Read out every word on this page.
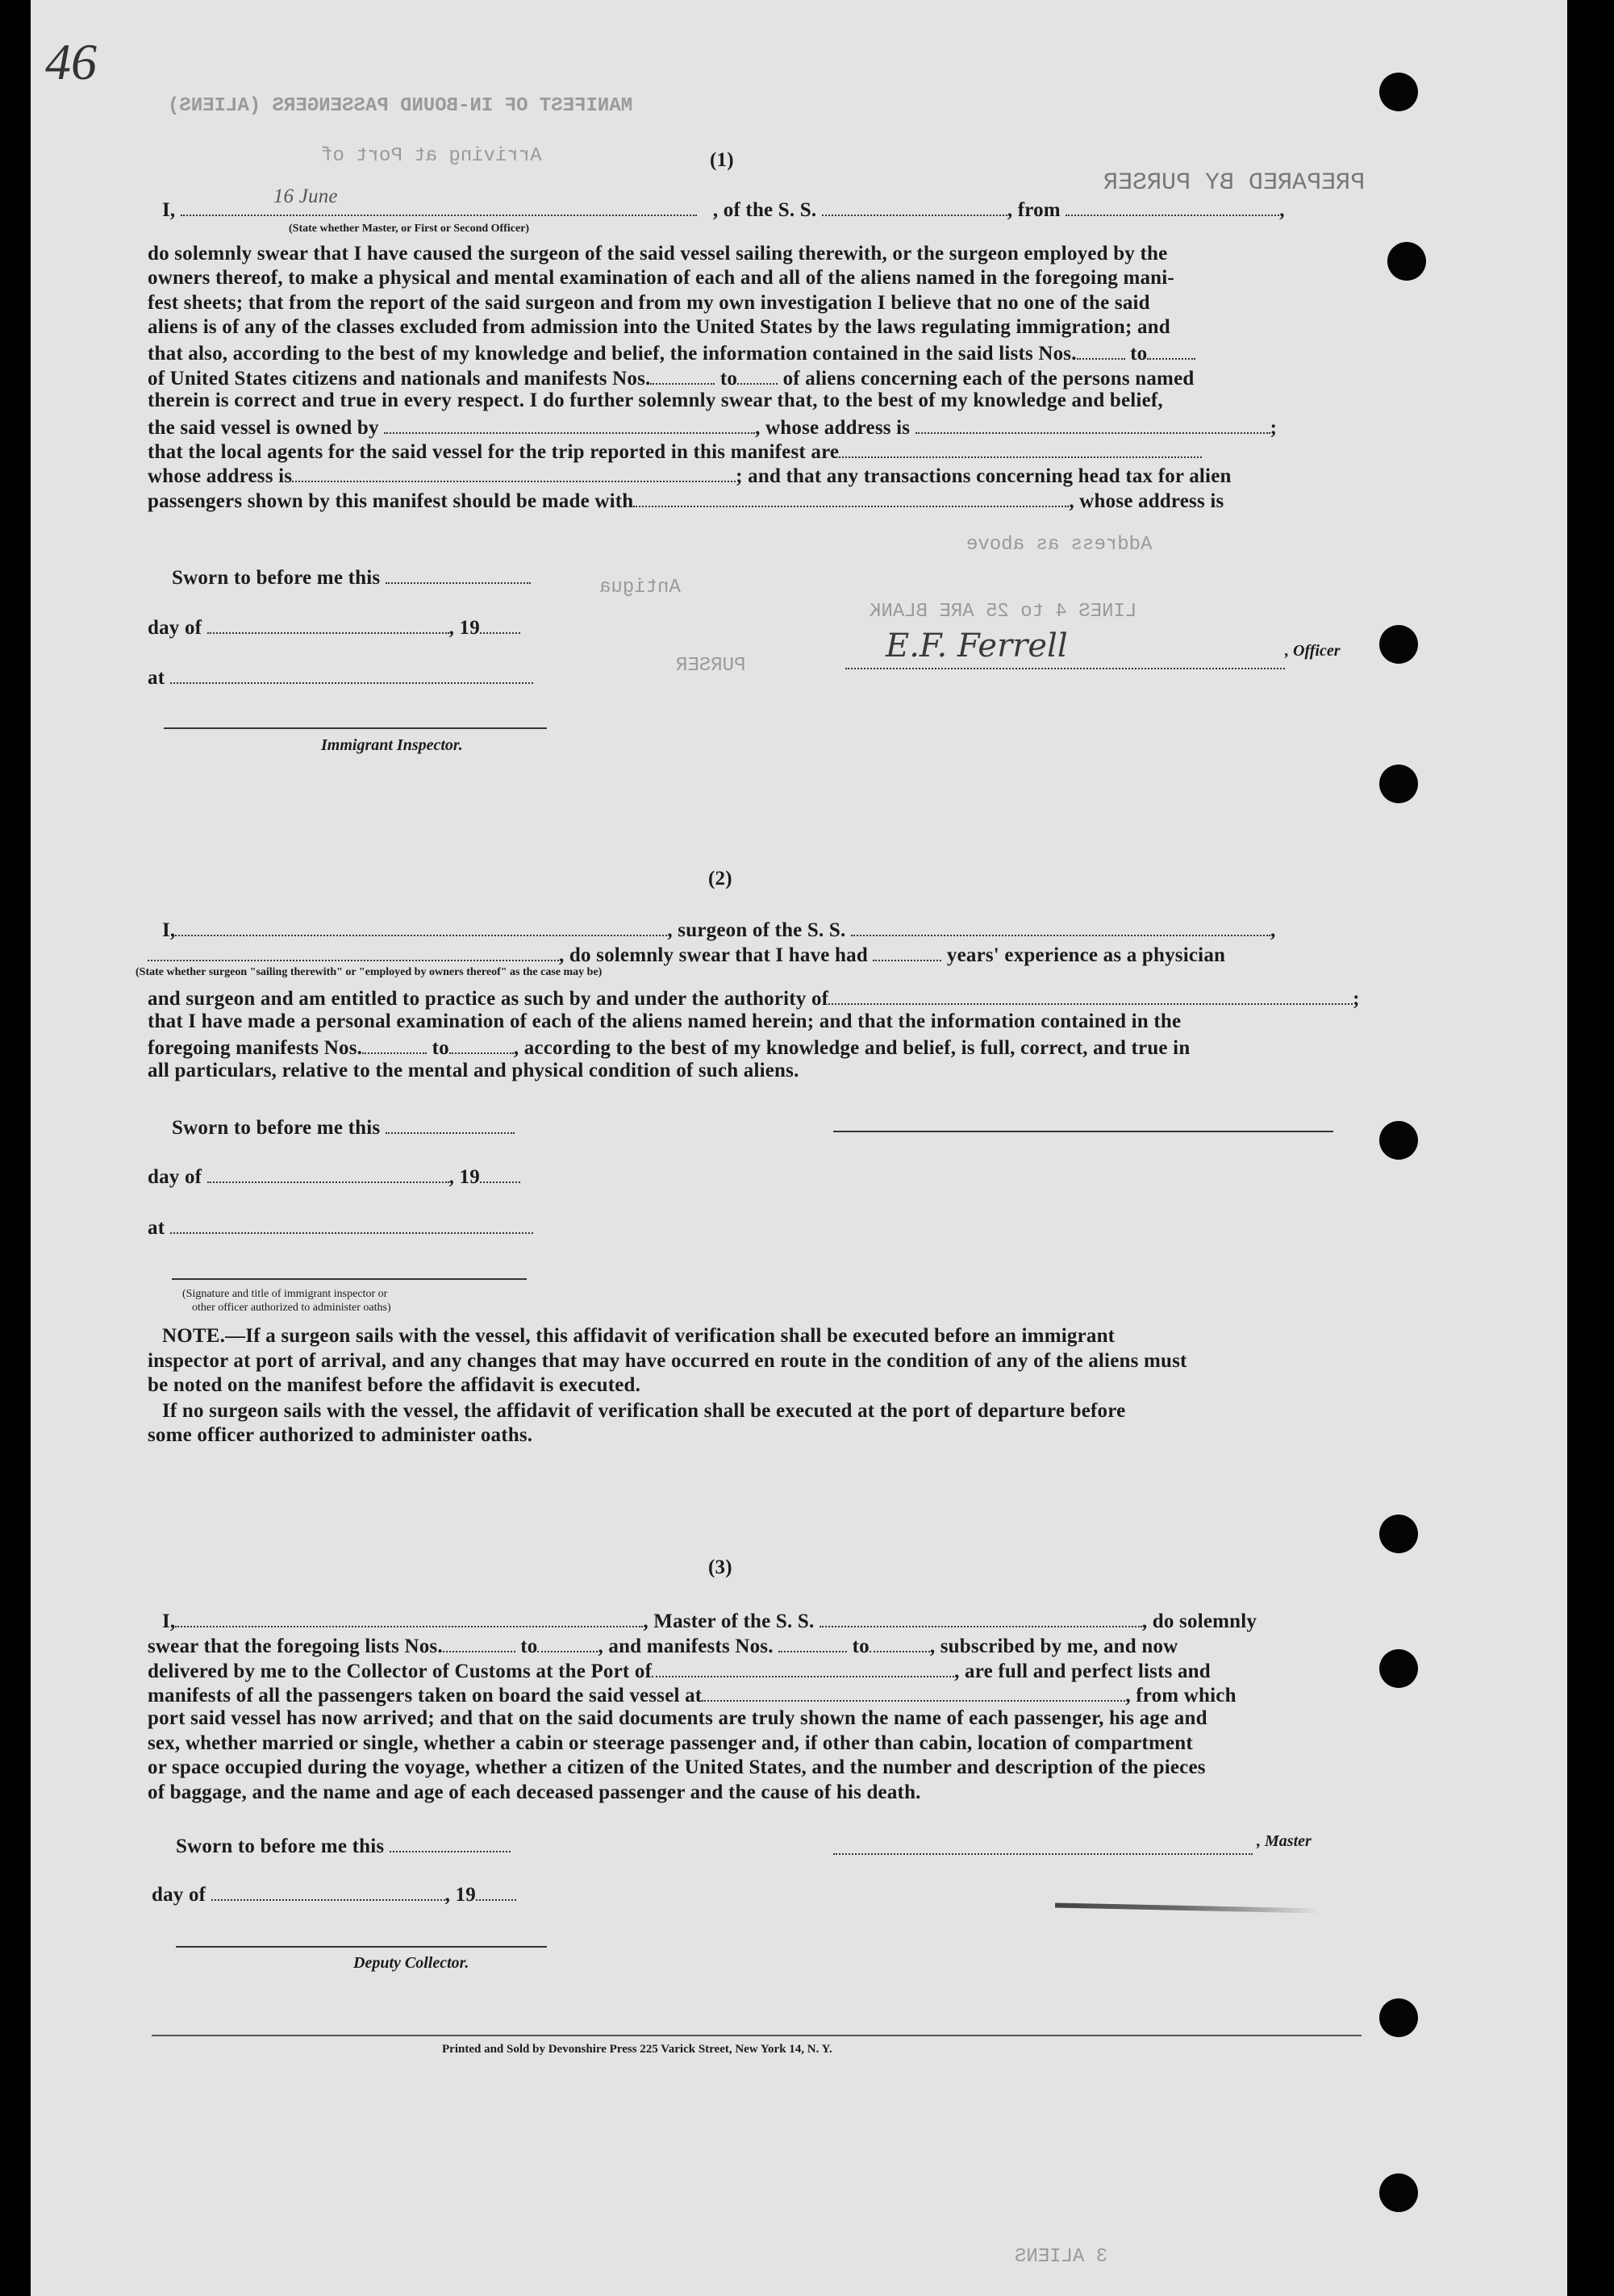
46
MANIFEST OF IN-BOUND PASSENGERS (ALIENS)
Arriving at Port of
PREPARED BY PURSER
Address as above
LINES 4 to 25 ARE BLANK
Antigua
PURSER
3 ALIENS
(1)
I,
16 June
, of the S. S.	, from	,
(State whether Master, or First or Second Officer)
do solemnly swear that I have caused the surgeon of the said vessel sailing therewith, or the surgeon employed by the
owners thereof, to make a physical and mental examination of each and all of the aliens named in the foregoing mani-
fest sheets; that from the report of the said surgeon and from my own investigation I believe that no one of the said
aliens is of any of the classes excluded from admission into the United States by the laws regulating immigration; and
that also, according to the best of my knowledge and belief, the information contained in the said lists Nos.	to
of United States citizens and nationals and manifests Nos.	to of aliens concerning each of the persons named
therein is correct and true in every respect. I do further solemnly swear that, to the best of my knowledge and belief,
the said vessel is owned by	, whose address is	;
that the local agents for the said vessel for the trip reported in this manifest are
whose address is	; and that any transactions concerning head tax for alien
passengers shown by this manifest should be made with	, whose address is
Sworn to before me this
day of	, 19
at
Immigrant Inspector.
E.F. Ferrell	, Officer
(2)
I,	, surgeon of the S. S.	,
, do solemnly swear that I have had	years' experience as a physician
(State whether surgeon "sailing therewith" or "employed by owners thereof" as the case may be)
and surgeon and am entitled to practice as such by and under the authority of	;
that I have made a personal examination of each of the aliens named herein; and that the information contained in the
foregoing manifests Nos.	to	, according to the best of my knowledge and belief, is full, correct, and true in
all particulars, relative to the mental and physical condition of such aliens.
Sworn to before me this
day of	, 19
at
(Signature and title of immigrant inspector or
other officer authorized to administer oaths)
NOTE.—If a surgeon sails with the vessel, this affidavit of verification shall be executed before an immigrant
inspector at port of arrival, and any changes that may have occurred en route in the condition of any of the aliens must
be noted on the manifest before the affidavit is executed.
If no surgeon sails with the vessel, the affidavit of verification shall be executed at the port of departure before
some officer authorized to administer oaths.
(3)
I,	, Master of the S. S.	, do solemnly
swear that the foregoing lists Nos.	to	, and manifests Nos.	to	, subscribed by me, and now
delivered by me to the Collector of Customs at the Port of	, are full and perfect lists and
manifests of all the passengers taken on board the said vessel at	, from which
port said vessel has now arrived; and that on the said documents are truly shown the name of each passenger, his age and
sex, whether married or single, whether a cabin or steerage passenger and, if other than cabin, location of compartment
or space occupied during the voyage, whether a citizen of the United States, and the number and description of the pieces
of baggage, and the name and age of each deceased passenger and the cause of his death.
Sworn to before me this	, Master
day of	, 19
Deputy Collector.
Printed and Sold by Devonshire Press 225 Varick Street, New York 14, N. Y.
